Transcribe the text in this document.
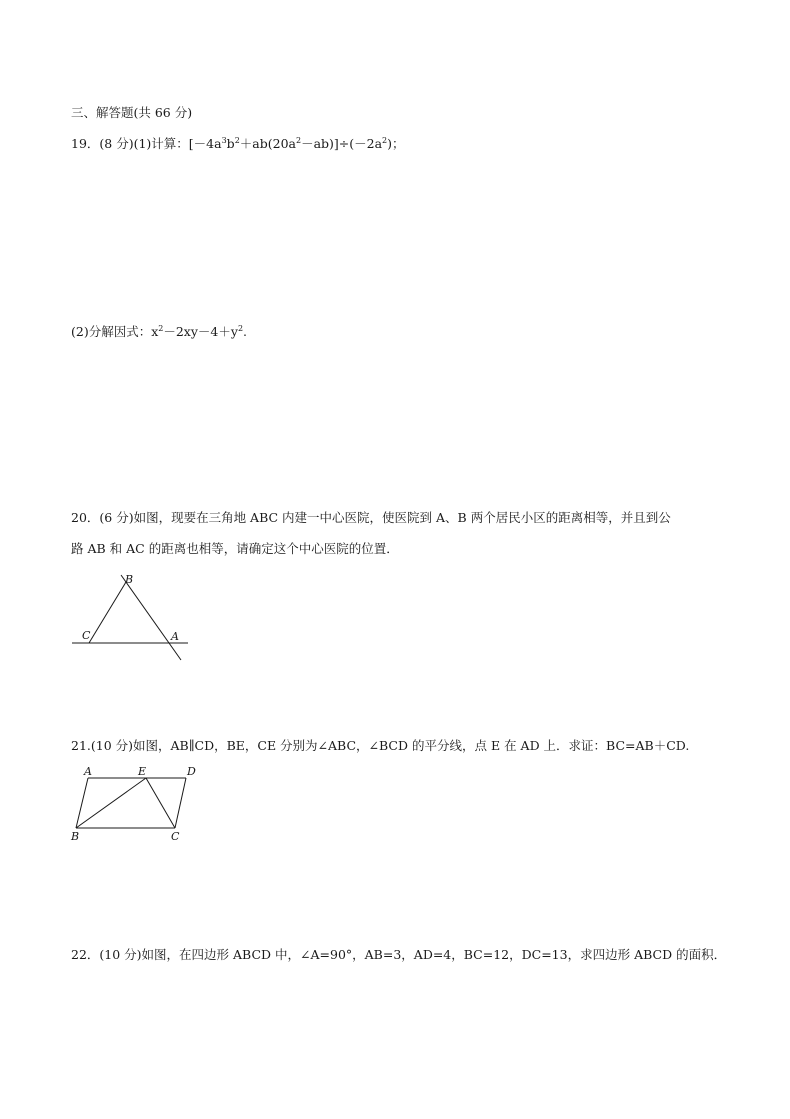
三、解答题(共 66 分)
19．(8 分)(1)计算：$[-4a^3b^2+ab(20a^2-ab)]\div(-2a^2)$；
(2)分解因式：$x^2-2xy-4+y^2$.
20．(6 分)如图，现要在三角地 ABC 内建一中心医院，使医院到 A、B 两个居民小区的距离相等，并且到公
路 AB 和 AC 的距离也相等，请确定这个中心医院的位置．
B
C	A
21.(10 分)如图，AB∥CD，BE，CE 分别为∠ABC，∠BCD 的平分线，点 E 在 AD 上．求证：BC=AB＋CD.
A	E	D
B	C
22．(10 分)如图，在四边形 ABCD 中，∠A=90°，AB=3，AD=4，BC=12，DC=13，求四边形 ABCD 的面积．
